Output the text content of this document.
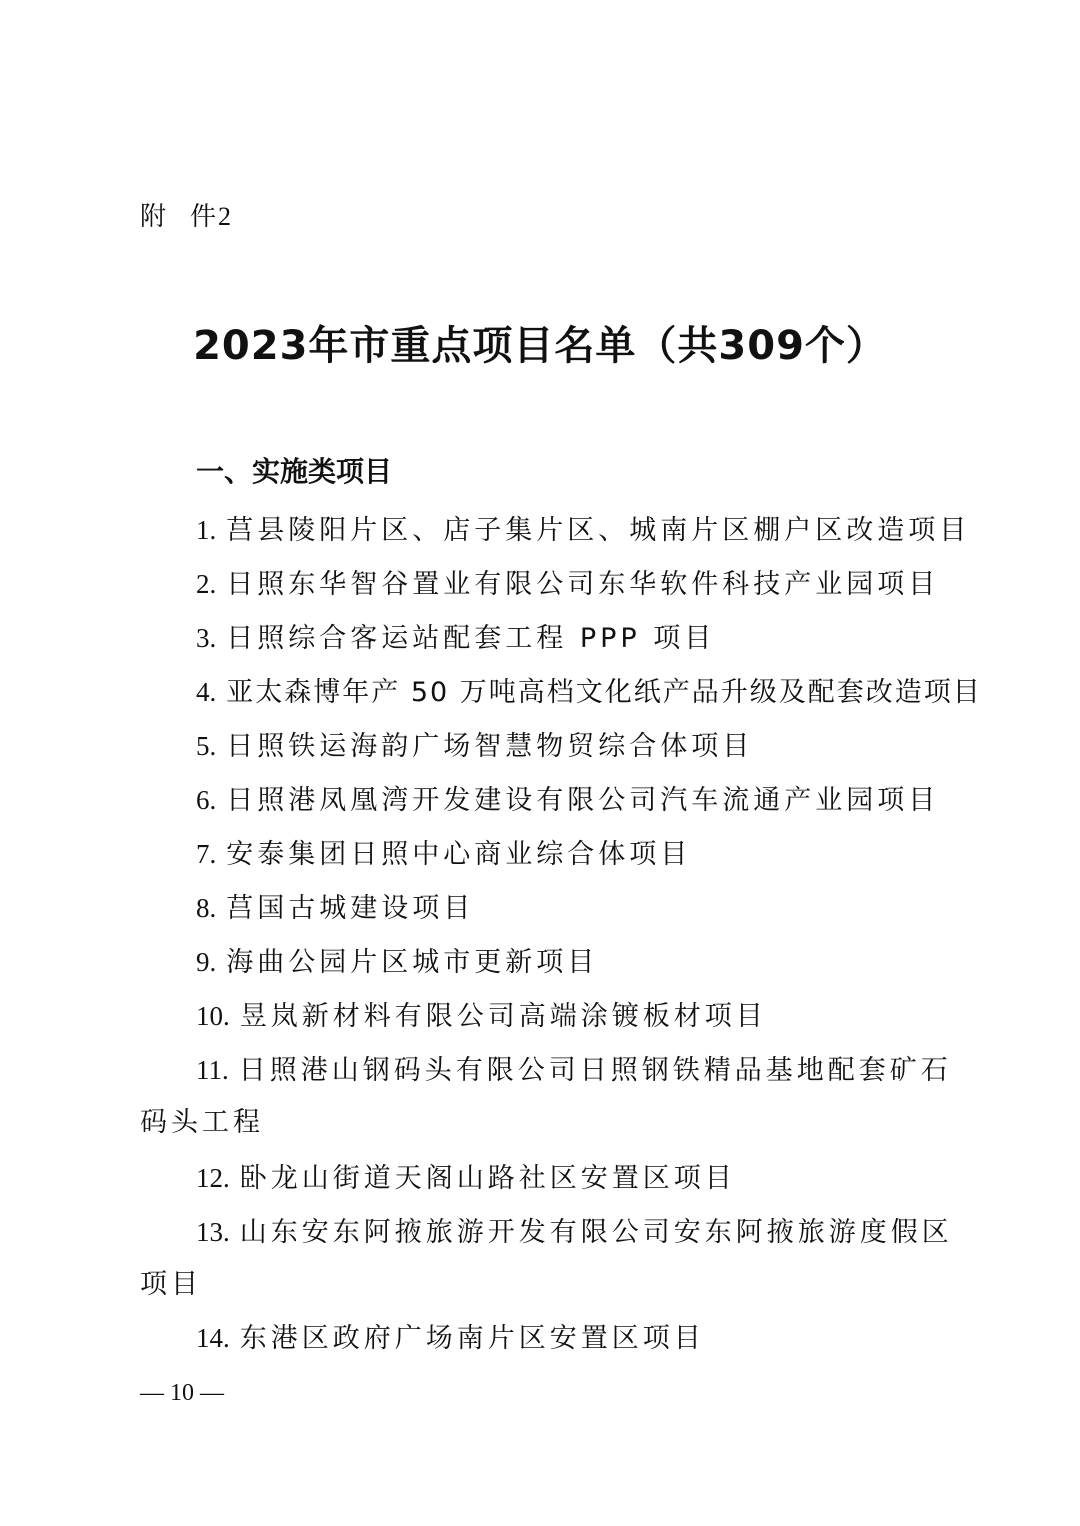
附 件2
2023年市重点项目名单（共309个）
一、实施类项目
1. 莒县陵阳片区、店子集片区、城南片区棚户区改造项目
2. 日照东华智谷置业有限公司东华软件科技产业园项目
3. 日照综合客运站配套工程 PPP 项目
4. 亚太森博年产 50 万吨高档文化纸产品升级及配套改造项目
5. 日照铁运海韵广场智慧物贸综合体项目
6. 日照港凤凰湾开发建设有限公司汽车流通产业园项目
7. 安泰集团日照中心商业综合体项目
8. 莒国古城建设项目
9. 海曲公园片区城市更新项目
10. 昱岚新材料有限公司高端涂镀板材项目
11. 日照港山钢码头有限公司日照钢铁精品基地配套矿石
码头工程
12. 卧龙山街道天阁山路社区安置区项目
13. 山东安东阿掖旅游开发有限公司安东阿掖旅游度假区
项目
14. 东港区政府广场南片区安置区项目
— 10 —
